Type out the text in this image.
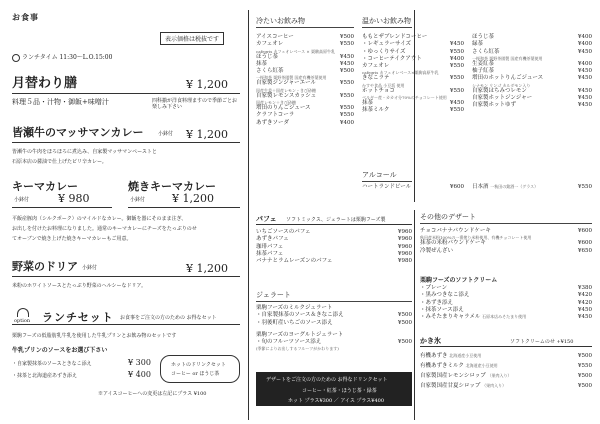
お食事
表示価格は税抜です
ランチタイム 11:30～L.O.15:00
月替わり膳	¥ 1,200
料理５品・汁物・御飯+味噌汁	四科揃が洋食料理ますので季節ごとお楽しみ下さい
皆瀬牛のマッサマンカレー	小鉢付 ¥ 1,200
皆瀬牛の牛肉をほろほろに煮込み、自家製マッサマンペーストと
石原本店の醤油で仕上げたピリ辛カレー。
キーマカレー
小鉢付	¥ 980
焼きキーマカレー
小鉢付 ¥ 1,200
平飯産豚肉（シルクポーク）のマイルドなカレー。御飯を器にそのまま注ぎ、
お出しを付けたお料理になりました。通常のキーマカレーにチーズをたっぷりのせ
てオーブンで焼き上げた焼きキーマカレーもご用意。
野菜のドリア 小鉢付	¥ 1,200
米粉のホワイトソースとたっぷり野菜のヘルシーなドリア。
option ランチセット お食事をご注文の方のための お得なセット
栗駒フーズの低脂肪乳牛乳を使用した牛乳プリンとお飲み物のセットです
牛乳プリンのソースをお選び下さい
・自家製抹茶のソースときなこ添え	¥ 300
・抹茶と北海道産あずき添え	¥ 400
ホットのドリンクセット
コーヒー or ほうじ茶
※アイスコーヒーへの変更は左記にプラス ¥100
冷たいお飲み物
アイスコーヒー	¥500
カフェオレ	¥550
cafegris カフェオレベース × 栗駒高原牛乳
ほうじ茶	¥450
抹茶	¥450
さくら紅茶	¥500
一桜和茶 栗野茶園製 国産有機茶葉使用
自家製ジンジャーエール	¥550
国産生姜＋国産レモン・きび砂糖
自家製レモンスカッシュ	¥550
国産レモン＋きび砂糖
増田のりんごジュース	¥550
クラフトコーラ	¥550
あずきソーダ	¥400
温かいお飲み物
ももとザブレンドコーヒー
・レギュラーサイズ	¥450
・ゆっくりサイズ	¥550
・コーヒーテイクアウト	¥400
カフェオレ	¥550
cafegris カフェオレベース×栗駒高原牛乳
きなこラテ	¥550
かすや食品 小豆坂 使用
ホットチョコ	¥550
ベルギー産・カカオ分70%のチョコレート使用
抹茶	¥450
抹茶ミルク	¥550
ほうじ茶	¥400
緑茶	¥400
さくら紅茶	¥450
一桜和茶 栗野茶園製 国産有機茶葉使用
生姜紅茶	¥400
柚子紅茶	¥450
増田のホットりんごジュース	¥450
シナモン リンゴ カルダモン入り
自家製はちみつレモン	¥450
自家製ホットジンジャー	¥450
自家製ホットゆず	¥450
アルコール
ハートランドビール	¥600 日本酒 一秋田の銘酒一（グラス）	¥550
パフェ ソフトミックス、ジェラートは栗駒フーズ製
いちごソースのパフェ	¥960
あずきパフェ	¥960
珈琲パフェ	¥960
抹茶パフェ	¥960
バナナとラムレーズンのパフェ	¥980
ジェラート
栗駒フーズのミルクジェラート
・自家製抹茶のソース＆きなこ添え	¥500
・羽後町産いちごのソース添え	¥500
栗駒フーズのヨーグルトジェラート
・旬のフルーツソース添え	¥500
(季節によりお出しするフルーツがかわります)
デザートをご注文の方のための お得なドリンクセット
コーヒー・紅茶・ほうじ茶・緑茶
ホット プラス¥300 ／ アイス プラス¥400
その他のデザート
チョコバナナパウンドケーキ	¥600
秋田産米粉100%の一番搾り米粉使用、有機チョコレート使用
抹茶の米粉パウンドケーキ	¥600
冷製ぜんざい	¥650
栗駒フーズのソフトクリーム
・プレーン	¥380
・黒みつきなこ添え	¥420
・あずき添え	¥420
・抹茶ソース添え	¥450
・みそたまりキャラメル 石原本店みそたまり使用	¥450
かき氷	ソフトクリームのせ +¥150
有機あずき 北海道産小豆使用	¥500
有機あずきミルク 北海道産小豆使用	¥550
自家製国産レモンシロップ （果肉入り）	¥500
自家製国産甘夏シロップ （果肉入り）	¥500
